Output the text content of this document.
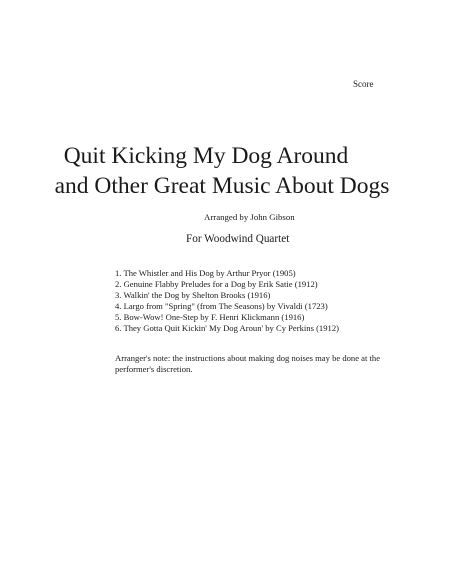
Score
Quit Kicking My Dog Around
and Other Great Music About Dogs
Arranged by John Gibson
For Woodwind Quartet
1. The Whistler and His Dog by Arthur Pryor (1905)
2. Genuine Flabby Preludes for a Dog by Erik Satie (1912)
3. Walkin' the Dog by Shelton Brooks (1916)
4. Largo from "Spring" (from The Seasons) by Vivaldi (1723)
5. Bow-Wow! One-Step by F. Henri Klickmann (1916)
6. They Gotta Quit Kickin' My Dog Aroun' by Cy Perkins (1912)
Arranger's note: the instructions about making dog noises may be done at the performer's discretion.
